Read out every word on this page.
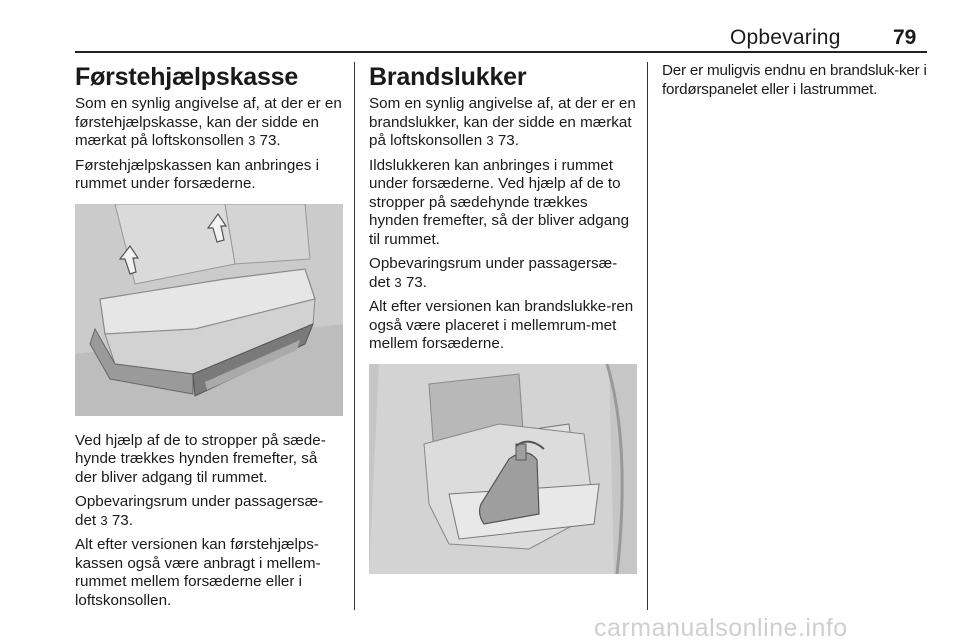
Opbevaring 79
Førstehjælpskasse

Som en synlig angivelse af, at der er en førstehjælpskasse, kan der sidde en mærkat på loftskonsollen 3 73.

Førstehjælpskassen kan anbringes i rummet under forsæderne.

Ved hjælp af de to stropper på sæde-hynde trækkes hynden fremefter, så der bliver adgang til rummet.

Opbevaringsrum under passagersæ-det 3 73.

Alt efter versionen kan førstehjælps-kassen også være anbragt i mellem-rummet mellem forsæderne eller i loftskonsollen.

Brandslukker

Som en synlig angivelse af, at der er en brandslukker, kan der sidde en mærkat på loftskonsollen 3 73.

Ildslukkeren kan anbringes i rummet under forsæderne. Ved hjælp af de to stropper på sædehynde trækkes hynden fremefter, så der bliver adgang til rummet.

Opbevaringsrum under passagersæ-det 3 73.

Alt efter versionen kan brandslukke-ren også være placeret i mellemrum-met mellem forsæderne.

Der er muligvis endnu en brandsluk-ker i fordørspanelet eller i lastrummet.

carmanualsonline.info
